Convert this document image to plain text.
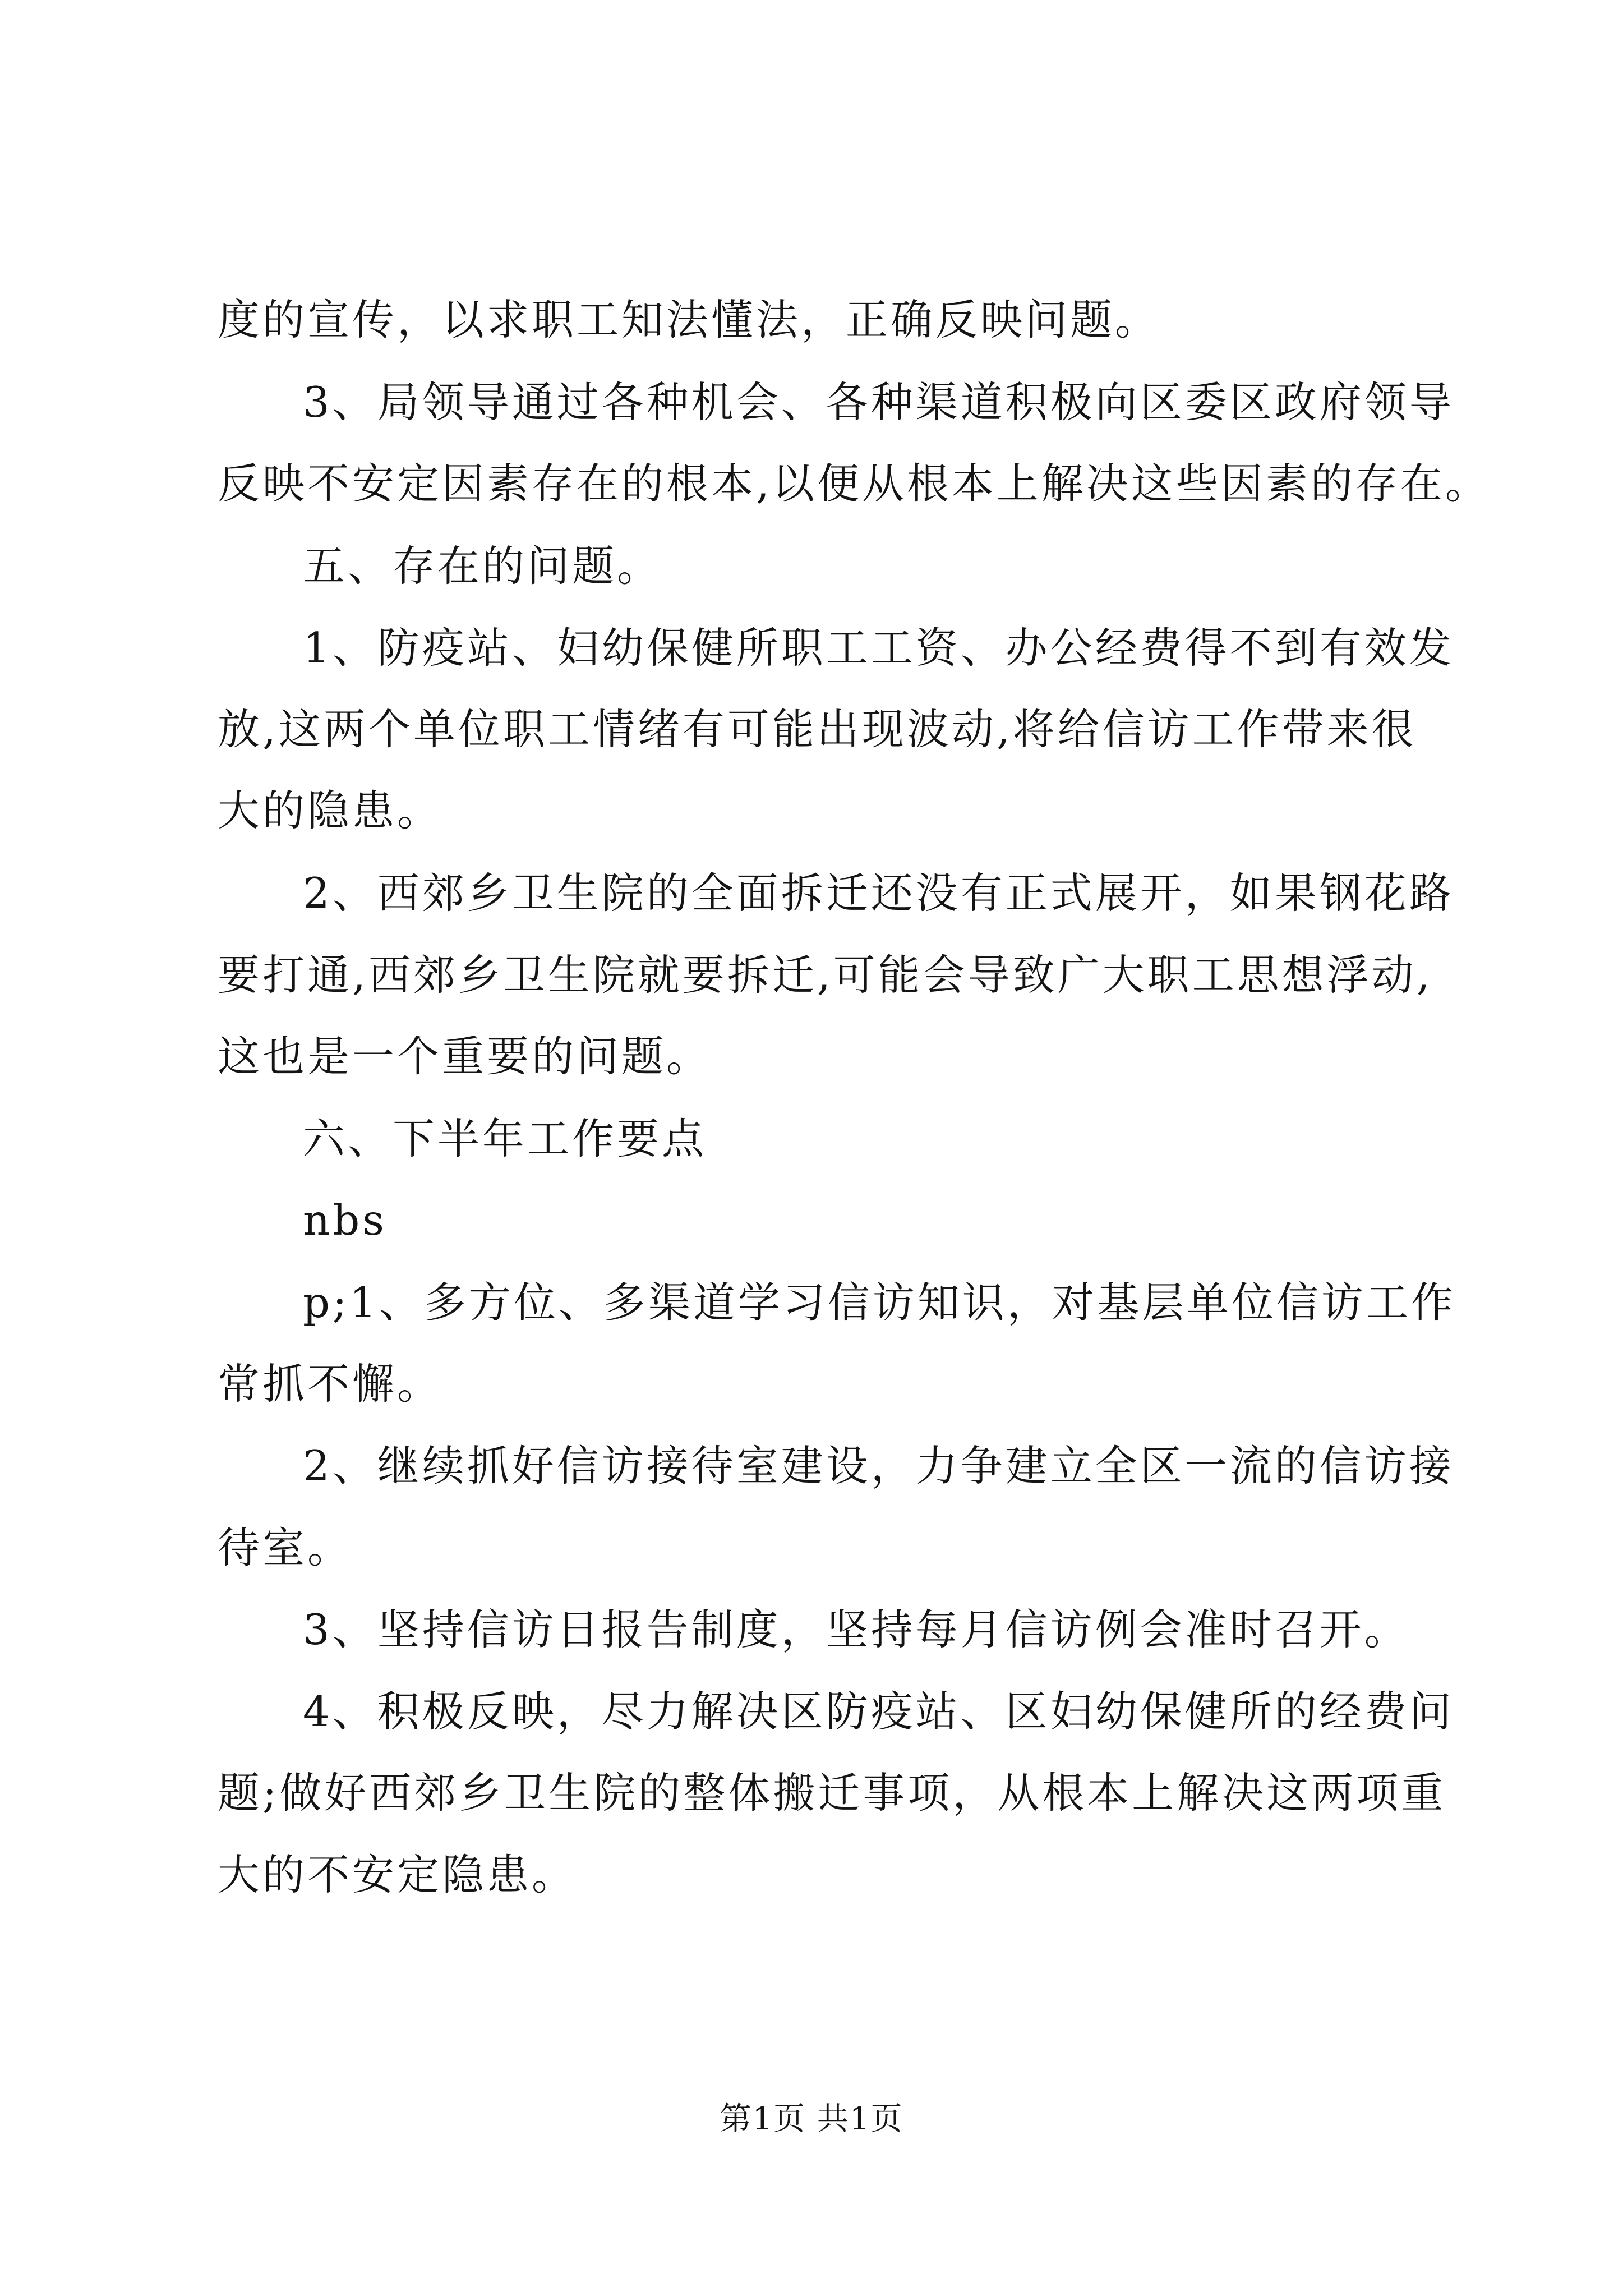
度的宣传，以求职工知法懂法，正确反映问题。
3、局领导通过各种机会、各种渠道积极向区委区政府领导
反映不安定因素存在的根本,以便从根本上解决这些因素的存在。
五、存在的问题。
1、防疫站、妇幼保健所职工工资、办公经费得不到有效发
放,这两个单位职工情绪有可能出现波动,将给信访工作带来很
大的隐患。
2、西郊乡卫生院的全面拆迁还没有正式展开，如果钢花路
要打通,西郊乡卫生院就要拆迁,可能会导致广大职工思想浮动,
这也是一个重要的问题。
六、下半年工作要点
nbs
p;1、多方位、多渠道学习信访知识，对基层单位信访工作
常抓不懈。
2、继续抓好信访接待室建设，力争建立全区一流的信访接
待室。
3、坚持信访日报告制度，坚持每月信访例会准时召开。
4、积极反映，尽力解决区防疫站、区妇幼保健所的经费问
题;做好西郊乡卫生院的整体搬迁事项，从根本上解决这两项重
大的不安定隐患。
第1页 共1页
